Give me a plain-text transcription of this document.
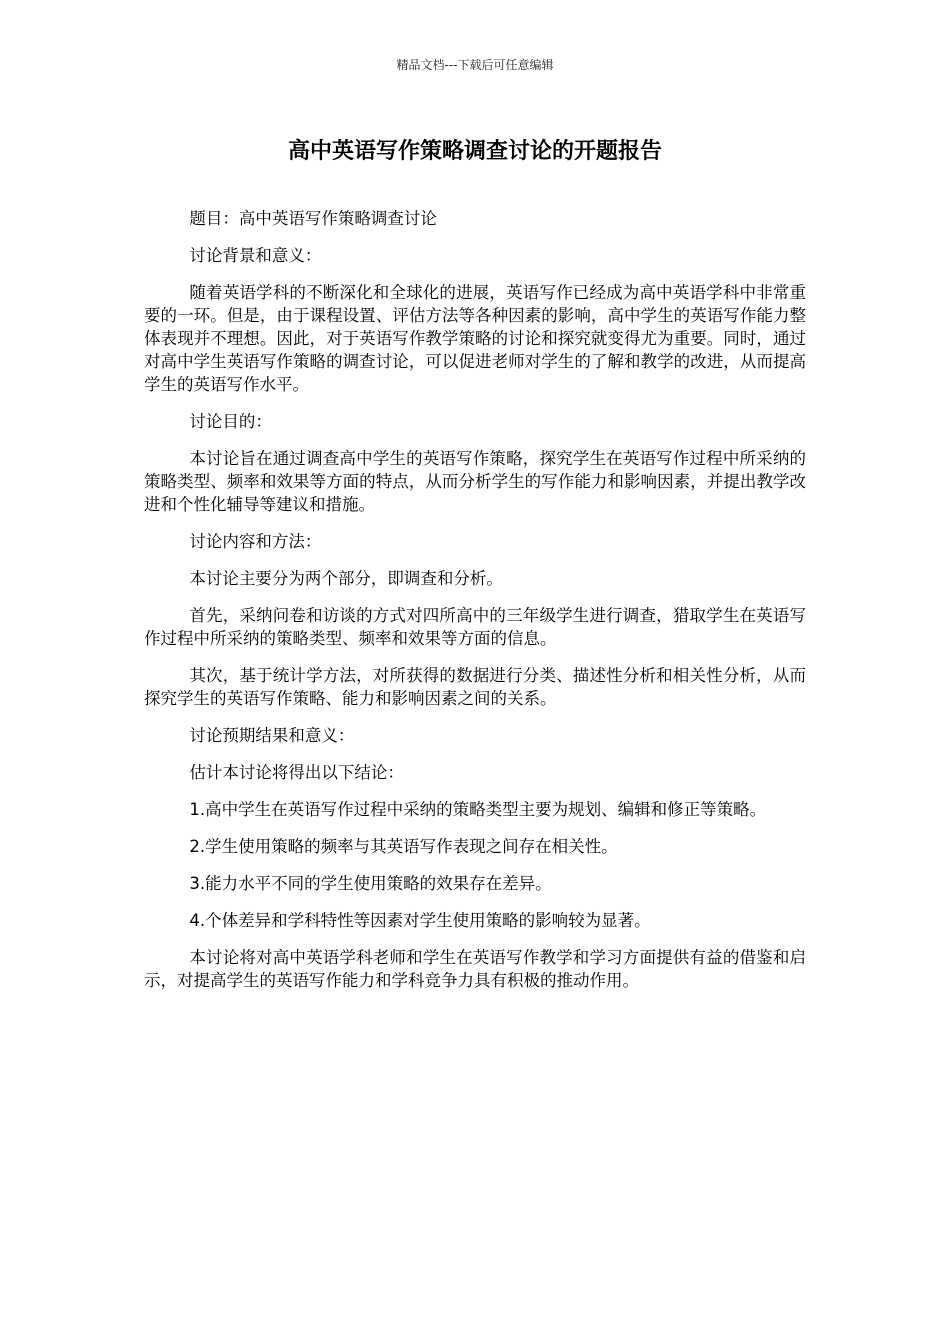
精品文档---下载后可任意编辑
高中英语写作策略调查讨论的开题报告

题目：高中英语写作策略调查讨论

讨论背景和意义：

随着英语学科的不断深化和全球化的进展，英语写作已经成为高中英语学科中非常重要的一环。但是，由于课程设置、评估方法等各种因素的影响，高中学生的英语写作能力整体表现并不理想。因此，对于英语写作教学策略的讨论和探究就变得尤为重要。同时，通过对高中学生英语写作策略的调查讨论，可以促进老师对学生的了解和教学的改进，从而提高学生的英语写作水平。

讨论目的：

本讨论旨在通过调查高中学生的英语写作策略，探究学生在英语写作过程中所采纳的策略类型、频率和效果等方面的特点，从而分析学生的写作能力和影响因素，并提出教学改进和个性化辅导等建议和措施。

讨论内容和方法：

本讨论主要分为两个部分，即调查和分析。

首先，采纳问卷和访谈的方式对四所高中的三年级学生进行调查，猎取学生在英语写作过程中所采纳的策略类型、频率和效果等方面的信息。

其次，基于统计学方法，对所获得的数据进行分类、描述性分析和相关性分析，从而探究学生的英语写作策略、能力和影响因素之间的关系。

讨论预期结果和意义：

估计本讨论将得出以下结论：

1.高中学生在英语写作过程中采纳的策略类型主要为规划、编辑和修正等策略。

2.学生使用策略的频率与其英语写作表现之间存在相关性。

3.能力水平不同的学生使用策略的效果存在差异。

4.个体差异和学科特性等因素对学生使用策略的影响较为显著。

本讨论将对高中英语学科老师和学生在英语写作教学和学习方面提供有益的借鉴和启示，对提高学生的英语写作能力和学科竞争力具有积极的推动作用。
